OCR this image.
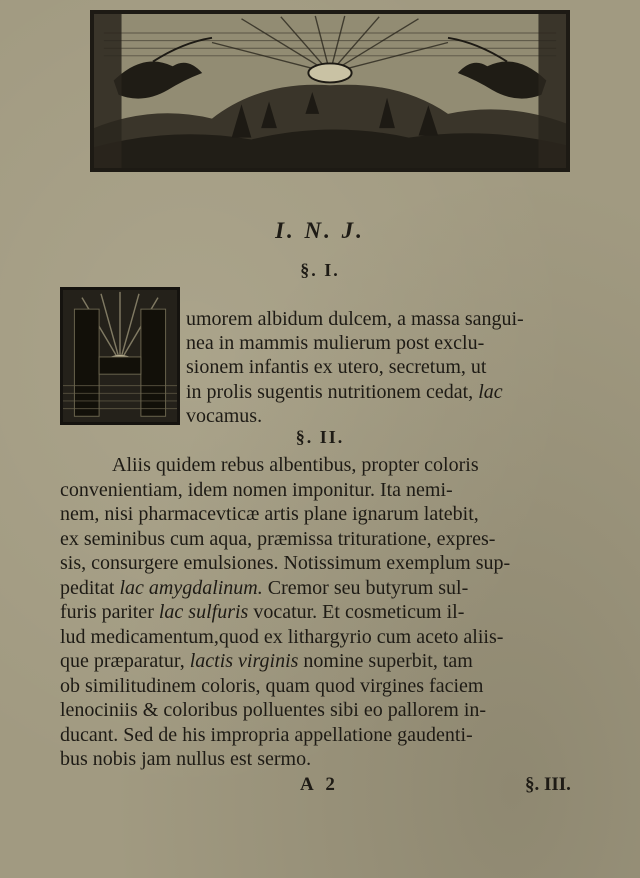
I. N. J.
§. I.
umorem albidum dulcem, a massa sangui-
nea in mammis mulierum post exclu-
sionem infantis ex utero, secretum, ut
in prolis sugentis nutritionem cedat, lac
vocamus.
§. II.
Aliis quidem rebus albentibus, propter coloris
convenientiam, idem nomen imponitur. Ita nemi-
nem, nisi pharmacevticæ artis plane ignarum latebit,
ex seminibus cum aqua, præmissa trituratione, expres-
sis, consurgere emulsiones. Notissimum exemplum sup-
peditat lac amygdalinum. Cremor seu butyrum sul-
furis pariter lac sulfuris vocatur. Et cosmeticum il-
lud medicamentum,quod ex lithargyrio cum aceto aliis-
que præparatur, lactis virginis nomine superbit, tam
ob similitudinem coloris, quam quod virgines faciem
lenociniis & coloribus polluentes sibi eo pallorem in-
ducant. Sed de his impropria appellatione gaudenti-
bus nobis jam nullus est sermo.
A 2	§. III.
